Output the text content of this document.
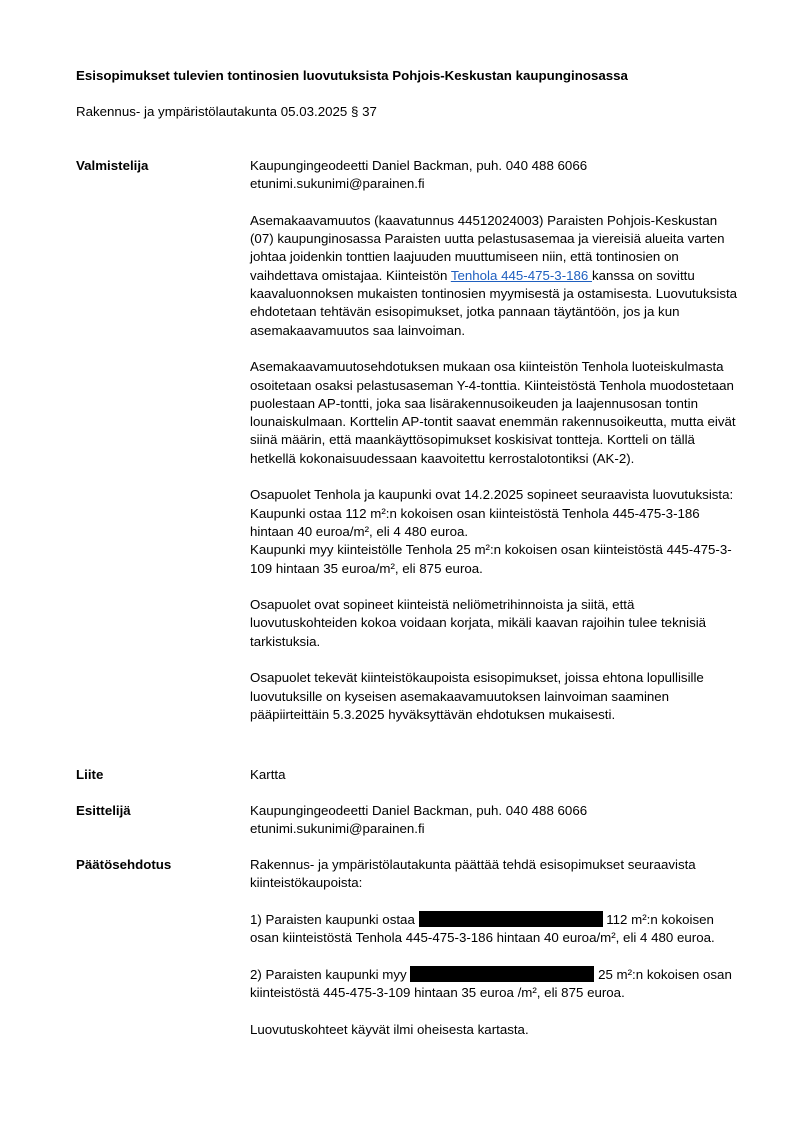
Esisopimukset tulevien tontinosien luovutuksista Pohjois-Keskustan kaupunginosassa
Rakennus- ja ympäristölautakunta 05.03.2025 § 37
Valmistelija	Kaupungingeodeetti Daniel Backman, puh. 040 488 6066
etunimi.sukunimi@parainen.fi

Asemakaavamuutos (kaavatunnus 44512024003) Paraisten Pohjois-Keskustan (07) kaupunginosassa Paraisten uutta pelastusasemaa ja viereisiä alueita varten johtaa joidenkin tonttien laajuuden muuttumiseen niin, että tontinosien on vaihdettava omistajaa. Kiinteistön Tenhola 445-475-3-186 kanssa on sovittu kaavaluonnoksen mukaisten tontinosien myymisestä ja ostamisesta. Luovutuksista ehdotetaan tehtävän esisopimukset, jotka pannaan täytäntöön, jos ja kun asemakaavamuutos saa lainvoiman.

Asemakaavamuutosehdotuksen mukaan osa kiinteistön Tenhola luoteiskulmasta osoitetaan osaksi pelastusaseman Y-4-tonttia. Kiinteistöstä Tenhola muodostetaan puolestaan AP-tontti, joka saa lisärakennusoikeuden ja laajennusosan tontin lounaiskulmaan. Korttelin AP-tontit saavat enemmän rakennusoikeutta, mutta eivät siinä määrin, että maankäyttösopimukset koskisivat tontteja. Kortteli on tällä hetkellä kokonaisuudessaan kaavoitettu kerrostalotontiksi (AK-2).

Osapuolet Tenhola ja kaupunki ovat 14.2.2025 sopineet seuraavista luovutuksista:
Kaupunki ostaa 112 m²:n kokoisen osan kiinteistöstä Tenhola 445-475-3-186 hintaan 40 euroa/m², eli 4 480 euroa.
Kaupunki myy kiinteistölle Tenhola 25 m²:n kokoisen osan kiinteistöstä 445-475-3-109 hintaan 35 euroa/m², eli 875 euroa.

Osapuolet ovat sopineet kiinteistä neliömetrihinnoista ja siitä, että luovutuskohteiden kokoa voidaan korjata, mikäli kaavan rajoihin tulee teknisiä tarkistuksia.

Osapuolet tekevät kiinteistökaupoista esisopimukset, joissa ehtona lopullisille luovutuksille on kyseisen asemakaavamuutoksen lainvoiman saaminen pääpiirteittäin 5.3.2025 hyväksyttävän ehdotuksen mukaisesti.

Liite	Kartta
Esittelijä	Kaupungingeodeetti Daniel Backman, puh. 040 488 6066
etunimi.sukunimi@parainen.fi
Päätösehdotus	Rakennus- ja ympäristölautakunta päättää tehdä esisopimukset seuraavista kiinteistökaupoista:

1) Paraisten kaupunki ostaa	112 m²:n kokoisen osan kiinteistöstä Tenhola 445-475-3-186 hintaan 40 euroa/m², eli 4 480 euroa.

2) Paraisten kaupunki myy	25 m²:n kokoisen osan kiinteistöstä 445-475-3-109 hintaan 35 euroa /m², eli 875 euroa.

Luovutuskohteet käyvät ilmi oheisesta kartasta.
